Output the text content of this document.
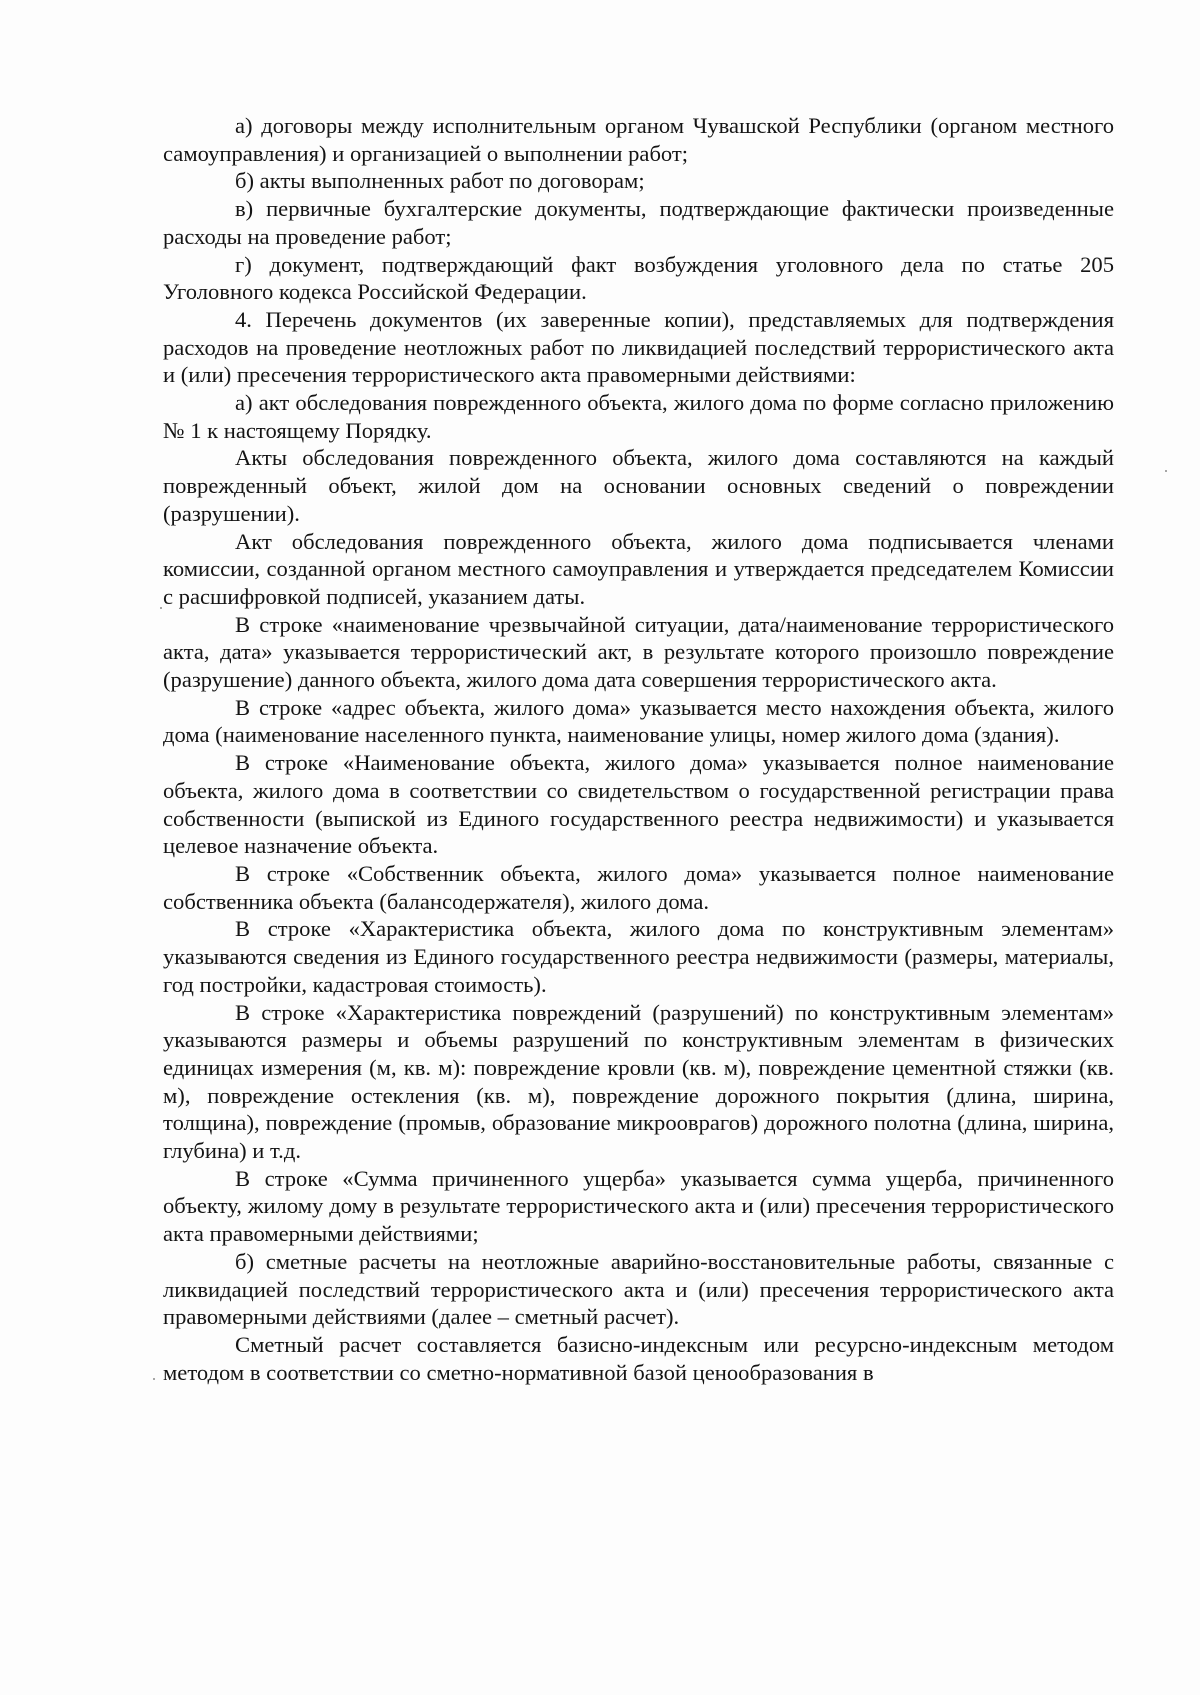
а) договоры между исполнительным органом Чувашской Республики (органом местного самоуправления) и организацией о выполнении работ;

б) акты выполненных работ по договорам;

в) первичные бухгалтерские документы, подтверждающие фактически произведенные расходы на проведение работ;

г) документ, подтверждающий факт возбуждения уголовного дела по статье 205 Уголовного кодекса Российской Федерации.

4. Перечень документов (их заверенные копии), представляемых для подтверждения расходов на проведение неотложных работ по ликвидацией последствий террористического акта и (или) пресечения террористического акта правомерными действиями:

а) акт обследования поврежденного объекта, жилого дома по форме согласно приложению № 1 к настоящему Порядку.

Акты обследования поврежденного объекта, жилого дома составляются на каждый поврежденный объект, жилой дом на основании основных сведений о повреждении (разрушении).

Акт обследования поврежденного объекта, жилого дома подписывается членами комиссии, созданной органом местного самоуправления и утверждается председателем Комиссии с расшифровкой подписей, указанием даты.

В строке «наименование чрезвычайной ситуации, дата/наименование террористического акта, дата» указывается террористический акт, в результате которого произошло повреждение (разрушение) данного объекта, жилого дома дата совершения террористического акта.

В строке «адрес объекта, жилого дома» указывается место нахождения объекта, жилого дома (наименование населенного пункта, наименование улицы, номер жилого дома (здания).

В строке «Наименование объекта, жилого дома» указывается полное наименование объекта, жилого дома в соответствии со свидетельством о государственной регистрации права собственности (выпиской из Единого государственного реестра недвижимости) и указывается целевое назначение объекта.

В строке «Собственник объекта, жилого дома» указывается полное наименование собственника объекта (балансодержателя), жилого дома.

В строке «Характеристика объекта, жилого дома по конструктивным элементам» указываются сведения из Единого государственного реестра недвижимости (размеры, материалы, год постройки, кадастровая стоимость).

В строке «Характеристика повреждений (разрушений) по конструктивным элементам» указываются размеры и объемы разрушений по конструктивным элементам в физических единицах измерения (м, кв. м): повреждение кровли (кв. м), повреждение цементной стяжки (кв. м), повреждение остекления (кв. м), повреждение дорожного покрытия (длина, ширина, толщина), повреждение (промыв, образование микрооврагов) дорожного полотна (длина, ширина, глубина) и т.д.

В строке «Сумма причиненного ущерба» указывается сумма ущерба, причиненного объекту, жилому дому в результате террористического акта и (или) пресечения террористического акта правомерными действиями;

б) сметные расчеты на неотложные аварийно-восстановительные работы, связанные с ликвидацией последствий террористического акта и (или) пресечения террористического акта правомерными действиями (далее – сметный расчет).

Сметный расчет составляется базисно-индексным или ресурсно-индексным методом методом в соответствии со сметно-нормативной базой ценообразования в
